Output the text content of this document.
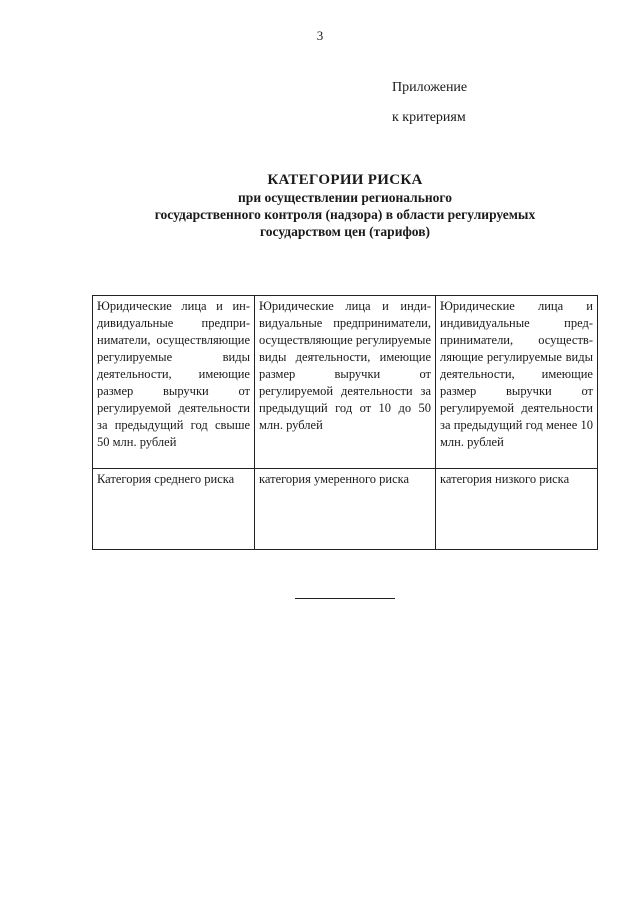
3
Приложение
к критериям
КАТЕГОРИИ РИСКА
при осуществлении регионального
государственного контроля (надзора) в области регулируемых
государством цен (тарифов)
Юридические лица и индивидуальные предприниматели, осуществляющие регулируемые виды деятельности, имеющие размер выручки от регулируемой деятельности за предыдущий год свыше 50 млн. рублей	Юридические лица и индивидуальные предприниматели, осуществляющие регулируемые виды деятельности, имеющие размер выручки от регулируемой деятельности за предыдущий год от 10 до 50 млн. рублей	Юридические лица и индивидуальные предприниматели, осуществляющие регулируемые виды деятельности, имеющие размер выручки от регулируемой деятельности за предыдущий год менее 10 млн. рублей
Категория среднего риска	категория умеренного риска	категория низкого риска
